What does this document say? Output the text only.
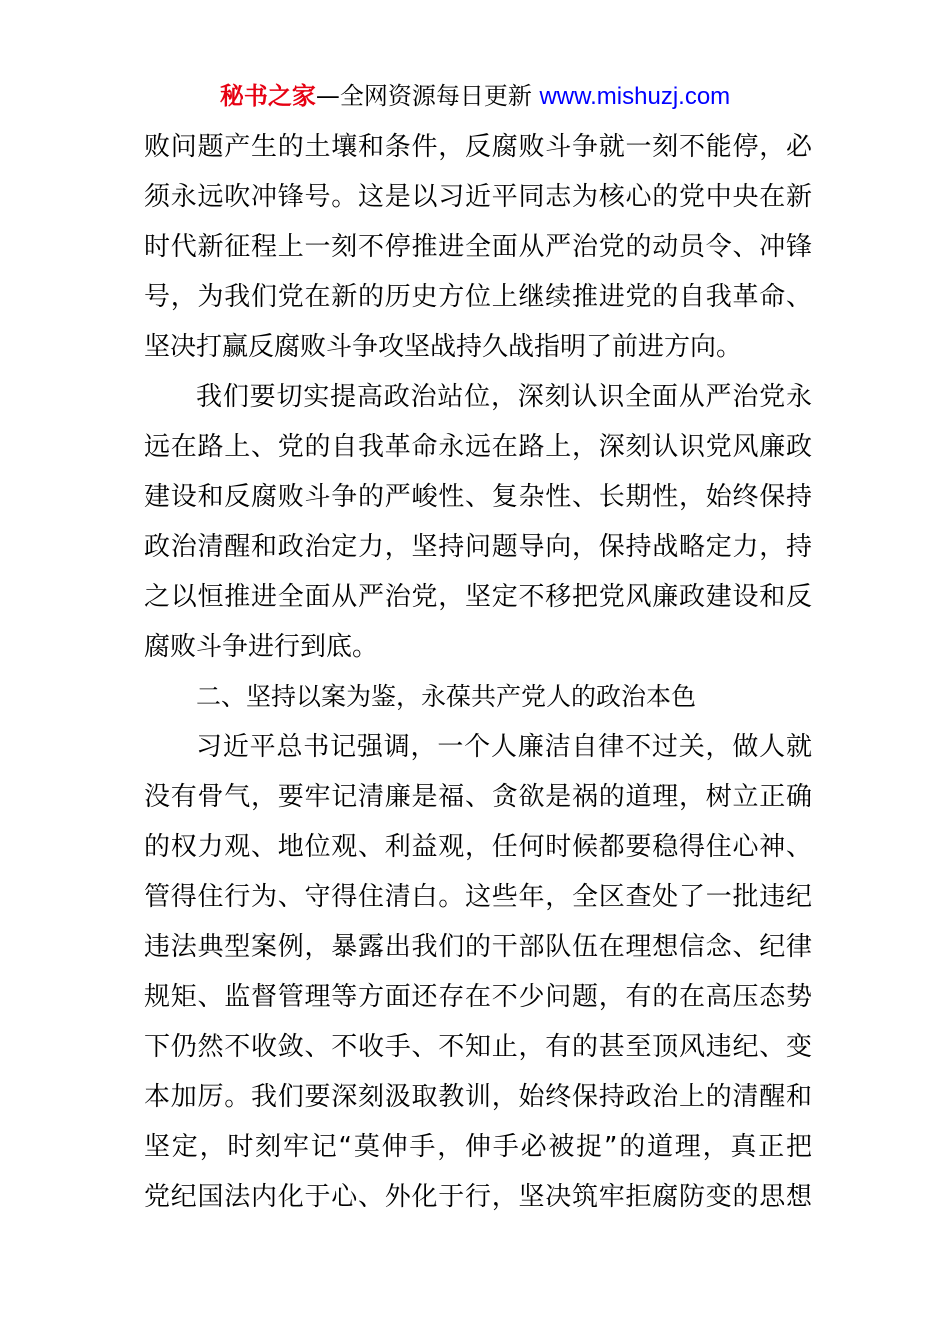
秘书之家—全网资源每日更新 www.mishuzj.com
败问题产生的土壤和条件，反腐败斗争就一刻不能停，必
须永远吹冲锋号。这是以习近平同志为核心的党中央在新
时代新征程上一刻不停推进全面从严治党的动员令、冲锋
号，为我们党在新的历史方位上继续推进党的自我革命、
坚决打赢反腐败斗争攻坚战持久战指明了前进方向。
我们要切实提高政治站位，深刻认识全面从严治党永
远在路上、党的自我革命永远在路上，深刻认识党风廉政
建设和反腐败斗争的严峻性、复杂性、长期性，始终保持
政治清醒和政治定力，坚持问题导向，保持战略定力，持
之以恒推进全面从严治党，坚定不移把党风廉政建设和反
腐败斗争进行到底。
二、坚持以案为鉴，永葆共产党人的政治本色
习近平总书记强调，一个人廉洁自律不过关，做人就
没有骨气，要牢记清廉是福、贪欲是祸的道理，树立正确
的权力观、地位观、利益观，任何时候都要稳得住心神、
管得住行为、守得住清白。这些年，全区查处了一批违纪
违法典型案例，暴露出我们的干部队伍在理想信念、纪律
规矩、监督管理等方面还存在不少问题，有的在高压态势
下仍然不收敛、不收手、不知止，有的甚至顶风违纪、变
本加厉。我们要深刻汲取教训，始终保持政治上的清醒和
坚定，时刻牢记“莫伸手，伸手必被捉”的道理，真正把
党纪国法内化于心、外化于行，坚决筑牢拒腐防变的思想
